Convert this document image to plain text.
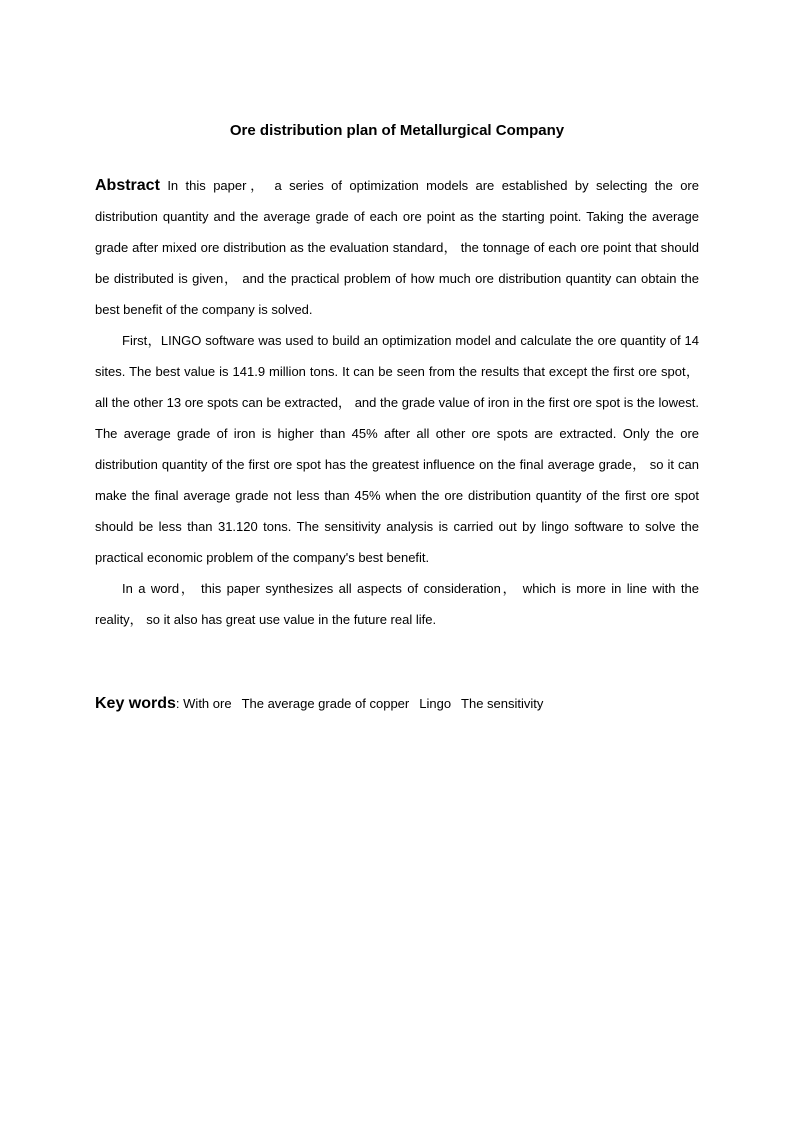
Ore distribution plan of Metallurgical Company

Abstract In this paper， a series of optimization models are established by selecting the ore distribution quantity and the average grade of each ore point as the starting point. Taking the average grade after mixed ore distribution as the evaluation standard， the tonnage of each ore point that should be distributed is given， and the practical problem of how much ore distribution quantity can obtain the best benefit of the company is solved.

First，LINGO software was used to build an optimization model and calculate the ore quantity of 14 sites. The best value is 141.9 million tons. It can be seen from the results that except the first ore spot， all the other 13 ore spots can be extracted， and the grade value of iron in the first ore spot is the lowest. The average grade of iron is higher than 45% after all other ore spots are extracted. Only the ore distribution quantity of the first ore spot has the greatest influence on the final average grade， so it can make the final average grade not less than 45% when the ore distribution quantity of the first ore spot should be less than 31.120 tons. The sensitivity analysis is carried out by lingo software to solve the practical economic problem of the company's best benefit.

In a word， this paper synthesizes all aspects of consideration， which is more in line with the reality， so it also has great use value in the future real life.

Key words: With ore The average grade of copper Lingo The sensitivity
